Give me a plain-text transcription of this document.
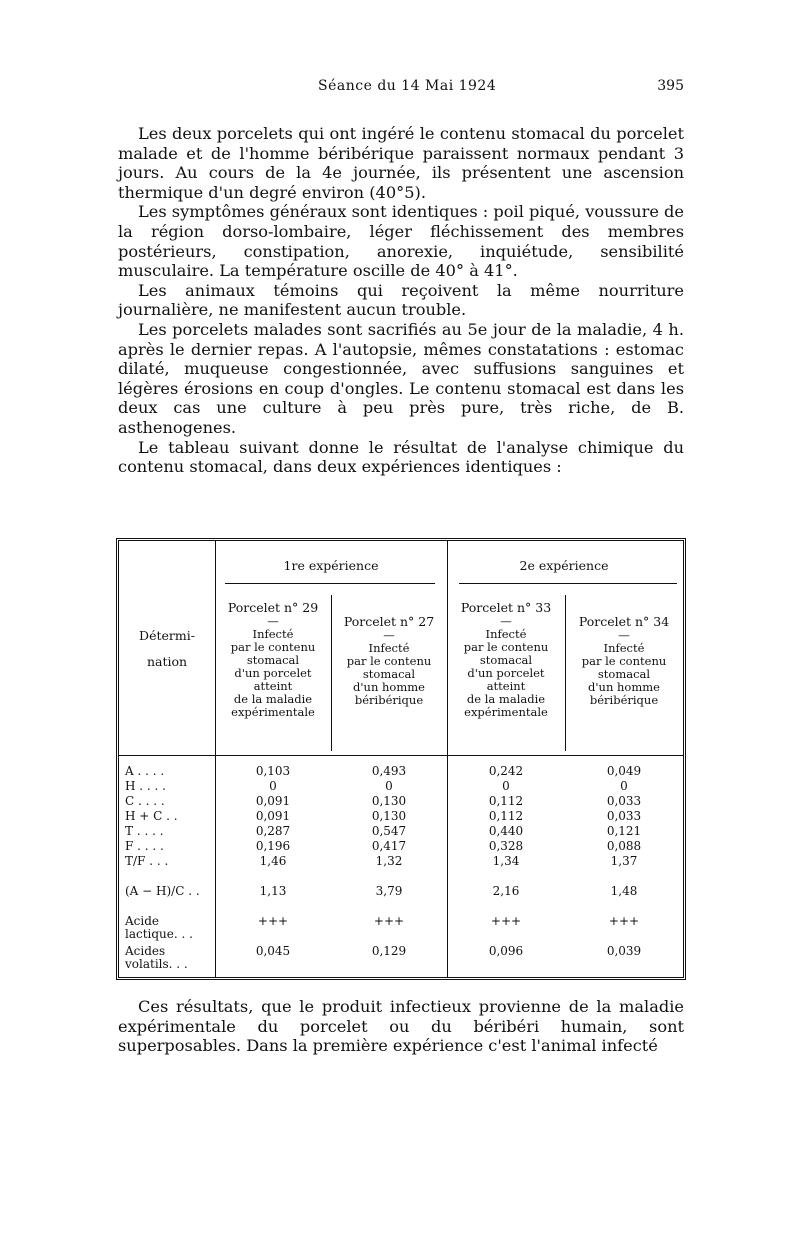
Séance du 14 Mai 1924	395

Les deux porcelets qui ont ingéré le contenu stomacal du porcelet malade et de l'homme béribérique paraissent normaux pendant 3 jours. Au cours de la 4e journée, ils présentent une ascension thermique d'un degré environ (40°5).

Les symptômes généraux sont identiques : poil piqué, voussure de la région dorso-lombaire, léger fléchissement des membres postérieurs, constipation, anorexie, inquiétude, sensibilité musculaire. La température oscille de 40° à 41°.

Les animaux témoins qui reçoivent la même nourriture journalière, ne manifestent aucun trouble.

Les porcelets malades sont sacrifiés au 5e jour de la maladie, 4 h. après le dernier repas. A l'autopsie, mêmes constatations : estomac dilaté, muqueuse congestionnée, avec suffusions sanguines et légères érosions en coup d'ongles. Le contenu stomacal est dans les deux cas une culture à peu près pure, très riche, de B. asthenogenes.

Le tableau suivant donne le résultat de l'analyse chimique du contenu stomacal, dans deux expériences identiques :

1re expérience	2e expérience
Détermi-
nation
Porcelet n° 29
—
Infecté
par le contenu
stomacal
d'un porcelet
atteint
de la maladie
expérimentale
Porcelet n° 27
—
Infecté
par le contenu
stomacal
d'un homme
béribérique
Porcelet n° 33
—
Infecté
par le contenu
stomacal
d'un porcelet
atteint
de la maladie
expérimentale
Porcelet n° 34
—
Infecté
par le contenu
stomacal
d'un homme
béribérique
A . . . .
H . . . .
C . . . .
H + C . .
T . . . .
F . . . .
T/F . . .
(A − H)/C . .
Acide lactique. . .
Acides volatils. . .
0,103
0
0,091
0,091
0,287
0,196
1,46
1,13
+++
0,045
0,493
0
0,130
0,130
0,547
0,417
1,32
3,79
+++
0,129
0,242
0
0,112
0,112
0,440
0,328
1,34
2,16
+++
0,096
0,049
0
0,033
0,033
0,121
0,088
1,37
1,48
+++
0,039

Ces résultats, que le produit infectieux provienne de la maladie expérimentale du porcelet ou du béribéri humain, sont superposables. Dans la première expérience c'est l'animal infecté
